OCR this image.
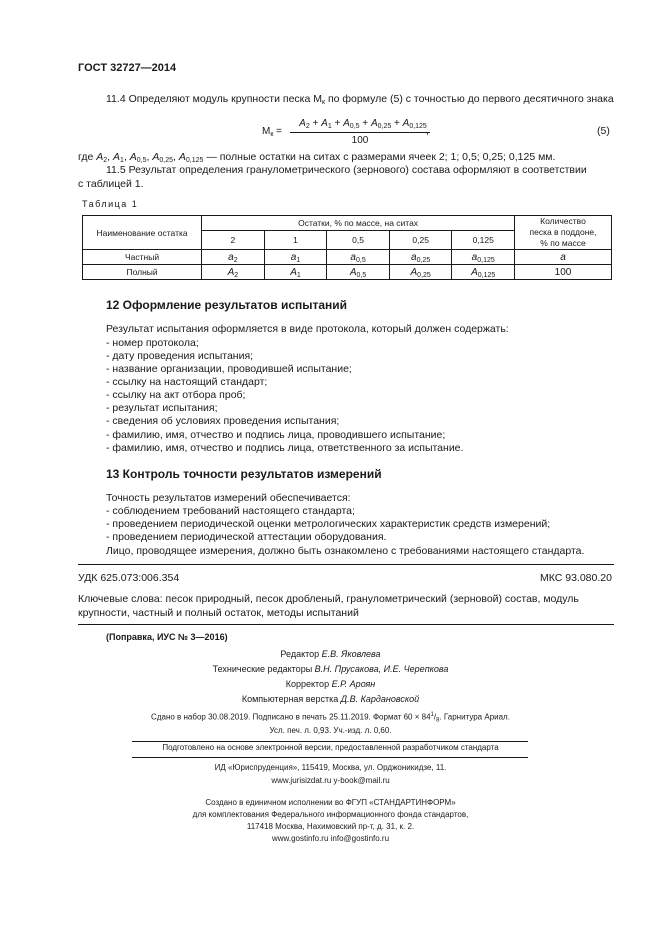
ГОСТ 32727—2014
11.4 Определяют модуль крупности песка $М_к$ по формуле (5) с точностью до первого десятичного знака
$М_к$ =
$A_2 + A_1 + A_{0,5} + A_{0,25} + A_{0,125}$
100
,	(5)
где $A_2$, $A_1$, $A_{0,5}$, $A_{0,25}$, $A_{0,125}$ — полные остатки на ситах с размерами ячеек 2; 1; 0,5; 0,25; 0,125 мм.
11.5 Результат определения гранулометрического (зернового) состава оформляют в соответствии
с таблицей 1.
Таблица 1
Наименование остатка	Остатки, % по массе, на ситах					Количество
песка в поддоне,
% по массе

	2	1	0,5	0,25	0,125	
Частный	$a_2$	$a_1$	$a_{0,5}$	$a_{0,25}$	$a_{0,125}$	a
Полный	$A_2$	$A_1$	$A_{0,5}$	$A_{0,25}$	$A_{0,125}$	100
12 Оформление результатов испытаний
Результат испытания оформляется в виде протокола, который должен содержать:
- номер протокола;
- дату проведения испытания;
- название организации, проводившей испытание;
- ссылку на настоящий стандарт;
- ссылку на акт отбора проб;
- результат испытания;
- сведения об условиях проведения испытания;
- фамилию, имя, отчество и подпись лица, проводившего испытание;
- фамилию, имя, отчество и подпись лица, ответственного за испытание.
13 Контроль точности результатов измерений
Точность результатов измерений обеспечивается:
- соблюдением требований настоящего стандарта;
- проведением периодической оценки метрологических характеристик средств измерений;
- проведением периодической аттестации оборудования.
Лицо, проводящее измерения, должно быть ознакомлено с требованиями настоящего стандарта.
УДК 625.073:006.354	МКС 93.080.20
Ключевые слова: песок природный, песок дробленый, гранулометрический (зерновой) состав, модуль
крупности, частный и полный остаток, методы испытаний
(Поправка, ИУС № 3—2016)
Редактор Е.В. Яковлева
Технические редакторы В.Н. Прусакова, И.Е. Черепкова
Корректор Е.Р. Ароян
Компьютерная верстка Д.В. Кардановской
Сдано в набор 30.08.2019. Подписано в печать 25.11.2019. Формат $60 \times 84^1/_8$. Гарнитура Ариал.
Усл. печ. л. 0,93. Уч.-изд. л. 0,60.
Подготовлено на основе электронной версии, предоставленной разработчиком стандарта
ИД «Юриспруденция», 115419, Москва, ул. Орджоникидзе, 11.
www.jurisizdat.ru y-book@mail.ru
Создано в единичном исполнении во ФГУП «СТАНДАРТИНФОРМ»
для комплектования Федерального информационного фонда стандартов,
117418 Москва, Нахимовский пр-т, д. 31, к. 2.
www.gostinfo.ru info@gostinfo.ru
